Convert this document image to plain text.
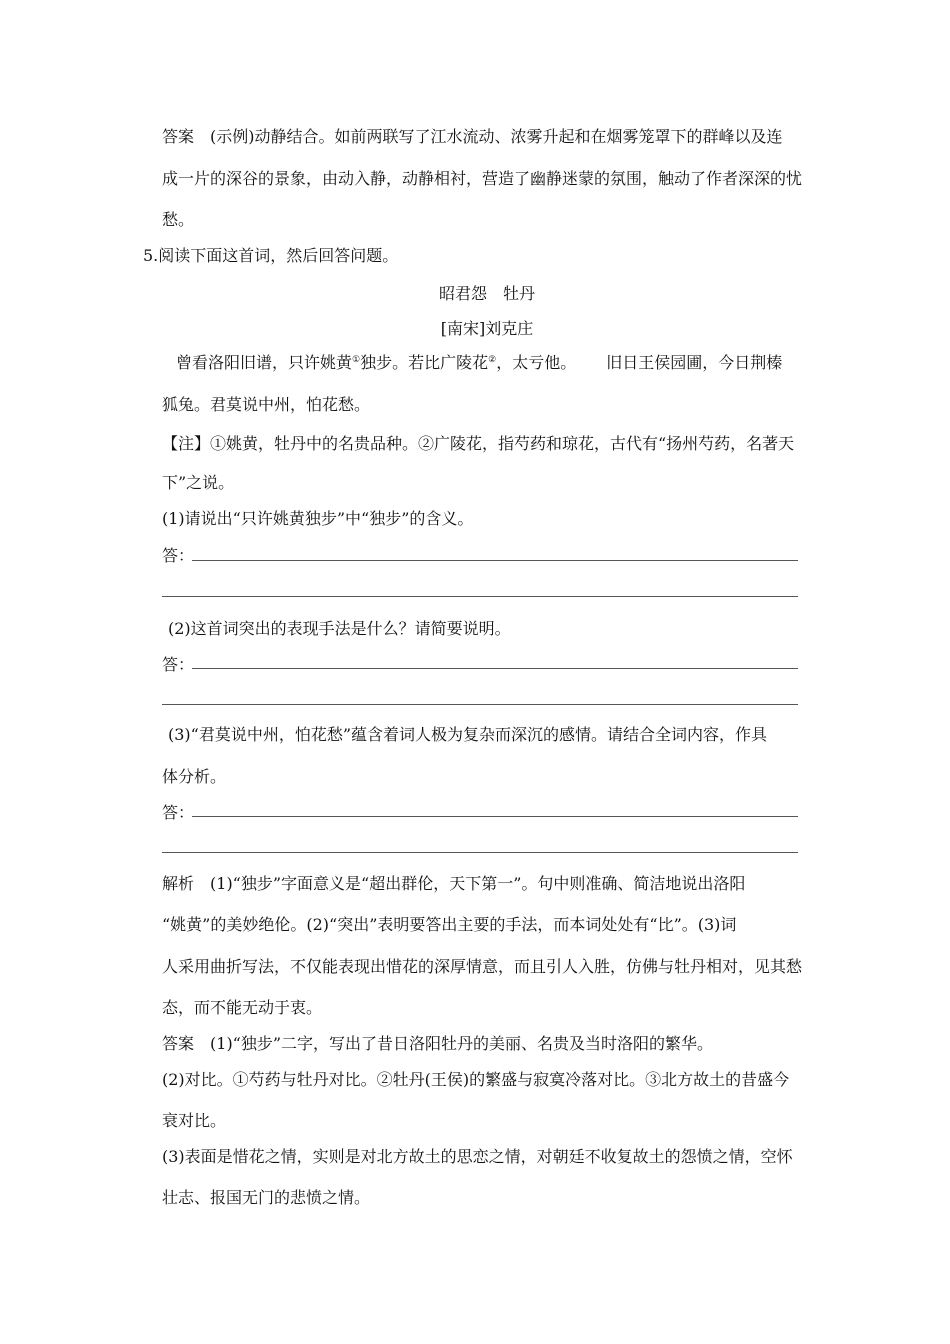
答案 (示例)动静结合。如前两联写了江水流动、浓雾升起和在烟雾笼罩下的群峰以及连
成一片的深谷的景象，由动入静，动静相衬，营造了幽静迷蒙的氛围，触动了作者深深的忧
愁。
5.阅读下面这首词，然后回答问题。
昭君怨　牡丹
[南宋]刘克庄
曾看洛阳旧谱，只许姚黄①独步。若比广陵花②，太亏他。 旧日王侯园圃，今日荆榛
狐兔。君莫说中州，怕花愁。
【注】①姚黄，牡丹中的名贵品种。②广陵花，指芍药和琼花，古代有“扬州芍药，名著天
下”之说。
(1)请说出“只许姚黄独步”中“独步”的含义。
答：
(2)这首词突出的表现手法是什么？请简要说明。
答：
(3)“君莫说中州，怕花愁”蕴含着词人极为复杂而深沉的感情。请结合全词内容，作具
体分析。
答：
解析 (1)“独步”字面意义是“超出群伦，天下第一”。句中则准确、简洁地说出洛阳
“姚黄”的美妙绝伦。(2)“突出”表明要答出主要的手法，而本词处处有“比”。(3)词
人采用曲折写法，不仅能表现出惜花的深厚情意，而且引人入胜，仿佛与牡丹相对，见其愁
态，而不能无动于衷。
答案 (1)“独步”二字，写出了昔日洛阳牡丹的美丽、名贵及当时洛阳的繁华。
(2)对比。①芍药与牡丹对比。②牡丹(王侯)的繁盛与寂寞冷落对比。③北方故土的昔盛今
衰对比。
(3)表面是惜花之情，实则是对北方故土的思恋之情，对朝廷不收复故土的怨愤之情，空怀
壮志、报国无门的悲愤之情。
